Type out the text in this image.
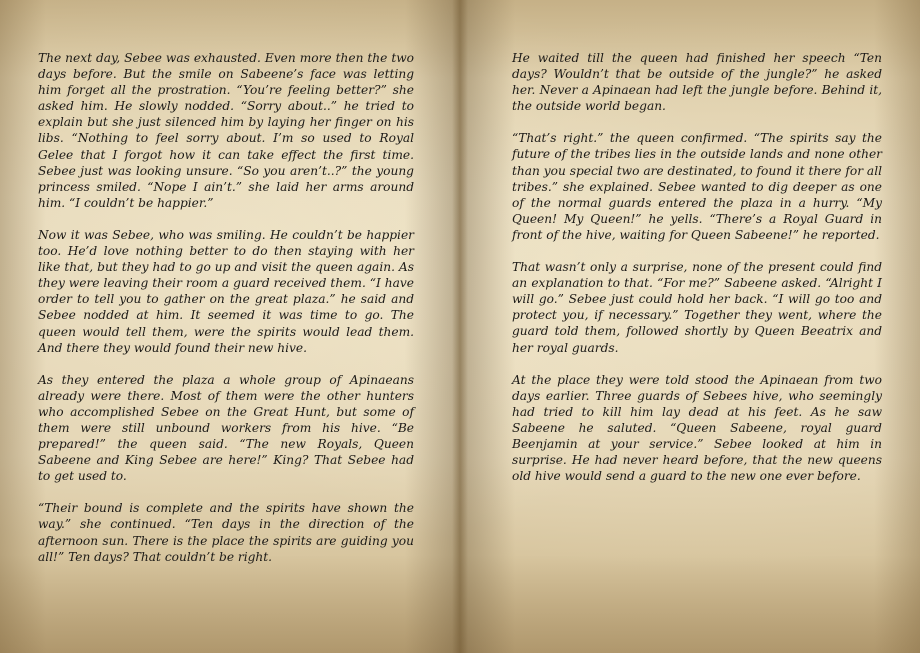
The next day, Sebee was exhausted. Even more then the two days before. But the smile on Sabeene’s face was letting him forget all the prostration. “You’re feeling better?” she asked him. He slowly nodded. “Sorry about..” he tried to explain but she just silenced him by laying her finger on his libs. “Nothing to feel sorry about. I’m so used to Royal Gelee that I forgot how it can take effect the first time. Sebee just was looking unsure. “So you aren’t..?” the young princess smiled. “Nope I ain’t.” she laid her arms around him. “I couldn’t be happier.”

Now it was Sebee, who was smiling. He couldn’t be happier too. He’d love nothing better to do then staying with her like that, but they had to go up and visit the queen again. As they were leaving their room a guard received them. “I have order to tell you to gather on the great plaza.” he said and Sebee nodded at him. It seemed it was time to go. The queen would tell them, were the spirits would lead them. And there they would found their new hive.

As they entered the plaza a whole group of Apinaeans already were there. Most of them were the other hunters who accomplished Sebee on the Great Hunt, but some of them were still unbound workers from his hive. “Be prepared!” the queen said. “The new Royals, Queen Sabeene and King Sebee are here!” King? That Sebee had to get used to.

“Their bound is complete and the spirits have shown the way.” she continued. “Ten days in the direction of the afternoon sun. There is the place the spirits are guiding you all!” Ten days? That couldn’t be right.

He waited till the queen had finished her speech “Ten days? Wouldn’t that be outside of the jungle?” he asked her. Never a Apinaean had left the jungle before. Behind it, the outside world began.

“That’s right.” the queen confirmed. “The spirits say the future of the tribes lies in the outside lands and none other than you special two are destinated, to found it there for all tribes.” she explained. Sebee wanted to dig deeper as one of the normal guards entered the plaza in a hurry. “My Queen! My Queen!” he yells. “There’s a Royal Guard in front of the hive, waiting for Queen Sabeene!” he reported.

That wasn’t only a surprise, none of the present could find an explanation to that. “For me?” Sabeene asked. “Alright I will go.” Sebee just could hold her back. “I will go too and protect you, if necessary.” Together they went, where the guard told them, followed shortly by Queen Beeatrix and her royal guards.

At the place they were told stood the Apinaean from two days earlier. Three guards of Sebees hive, who seemingly had tried to kill him lay dead at his feet. As he saw Sabeene he saluted. “Queen Sabeene, royal guard Beenjamin at your service.” Sebee looked at him in surprise. He had never heard before, that the new queens old hive would send a guard to the new one ever before.
